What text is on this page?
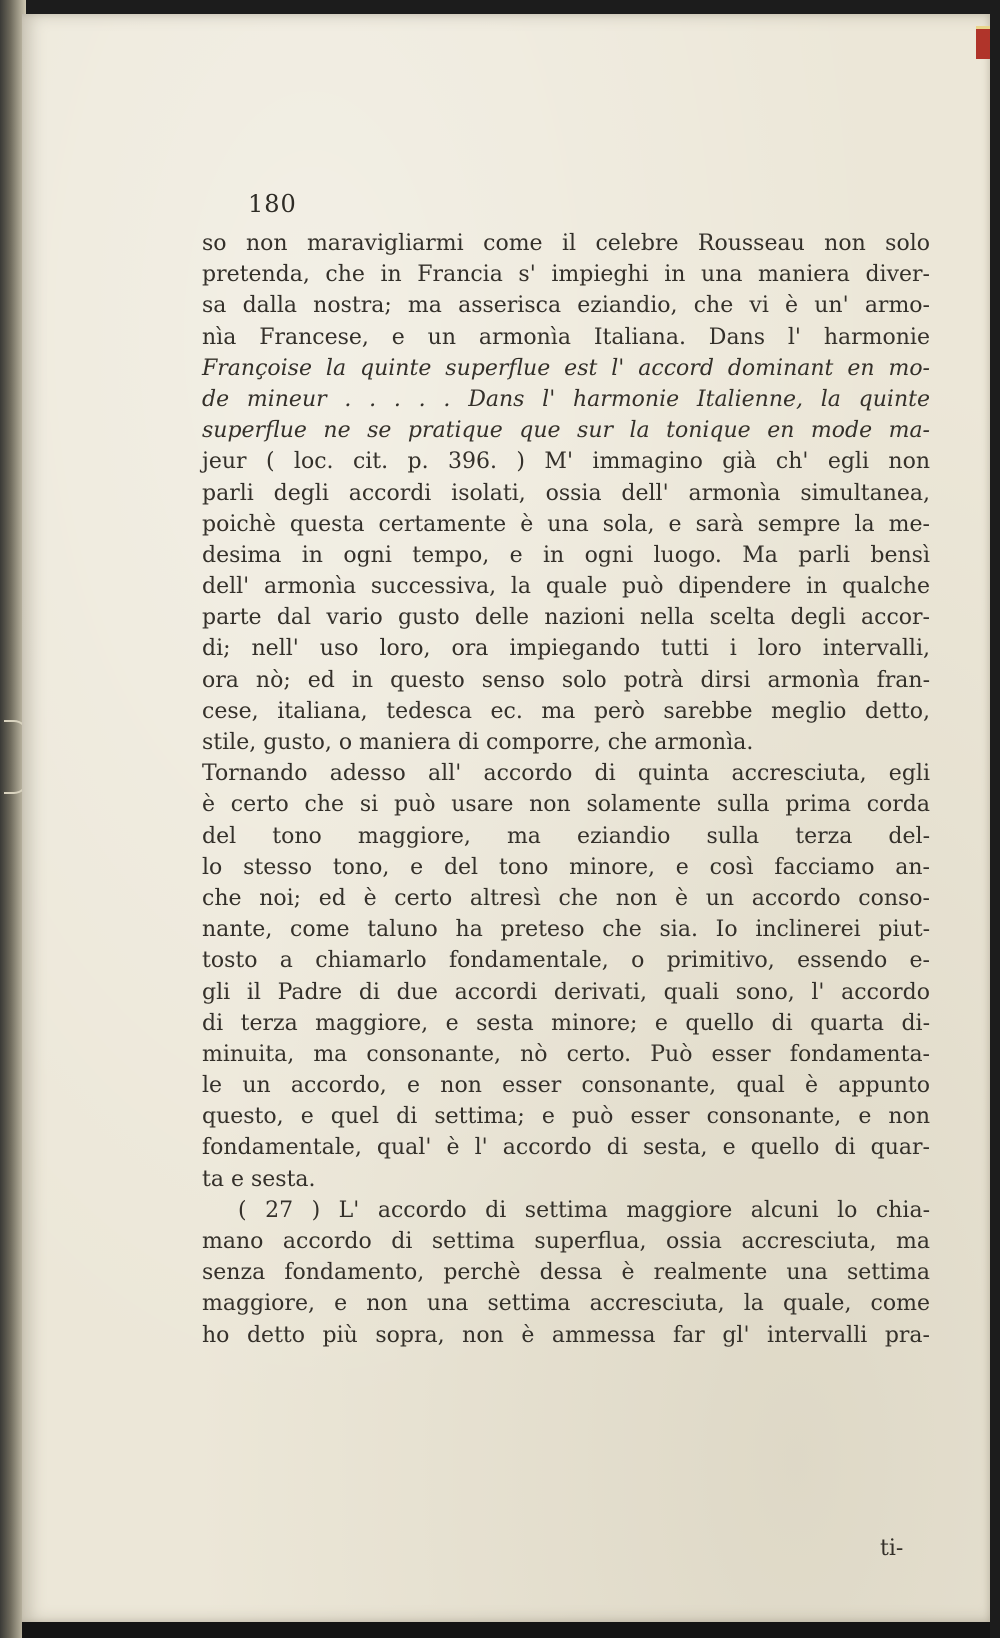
180
so non maravigliarmi come il celebre Rousseau non solo
pretenda, che in Francia s' impieghi in una maniera diver-
sa dalla nostra; ma asserisca eziandio, che vi è un' armo-
nìa Francese, e un armonìa Italiana. Dans l' harmonie
Françoise la quinte superflue est l' accord dominant en mo-
de mineur . . . . . Dans l' harmonie Italienne, la quinte
superflue ne se pratique que sur la tonique en mode ma-
jeur ( loc. cit. p. 396. ) M' immagino già ch' egli non
parli degli accordi isolati, ossia dell' armonìa simultanea,
poichè questa certamente è una sola, e sarà sempre la me-
desima in ogni tempo, e in ogni luogo. Ma parli bensì
dell' armonìa successiva, la quale può dipendere in qualche
parte dal vario gusto delle nazioni nella scelta degli accor-
di; nell' uso loro, ora impiegando tutti i loro intervalli,
ora nò; ed in questo senso solo potrà dirsi armonìa fran-
cese, italiana, tedesca ec. ma però sarebbe meglio detto,
stile, gusto, o maniera di comporre, che armonìa.
Tornando adesso all' accordo di quinta accresciuta, egli
è certo che si può usare non solamente sulla prima corda
del tono maggiore, ma eziandio sulla terza del-
lo stesso tono, e del tono minore, e così facciamo an-
che noi; ed è certo altresì che non è un accordo conso-
nante, come taluno ha preteso che sia. Io inclinerei piut-
tosto a chiamarlo fondamentale, o primitivo, essendo e-
gli il Padre di due accordi derivati, quali sono, l' accordo
di terza maggiore, e sesta minore; e quello di quarta di-
minuita, ma consonante, nò certo. Può esser fondamenta-
le un accordo, e non esser consonante, qual è appunto
questo, e quel di settima; e può esser consonante, e non
fondamentale, qual' è l' accordo di sesta, e quello di quar-
ta e sesta.
( 27 ) L' accordo di settima maggiore alcuni lo chia-
mano accordo di settima superflua, ossia accresciuta, ma
senza fondamento, perchè dessa è realmente una settima
maggiore, e non una settima accresciuta, la quale, come
ho detto più sopra, non è ammessa far gl' intervalli pra-
ti-
